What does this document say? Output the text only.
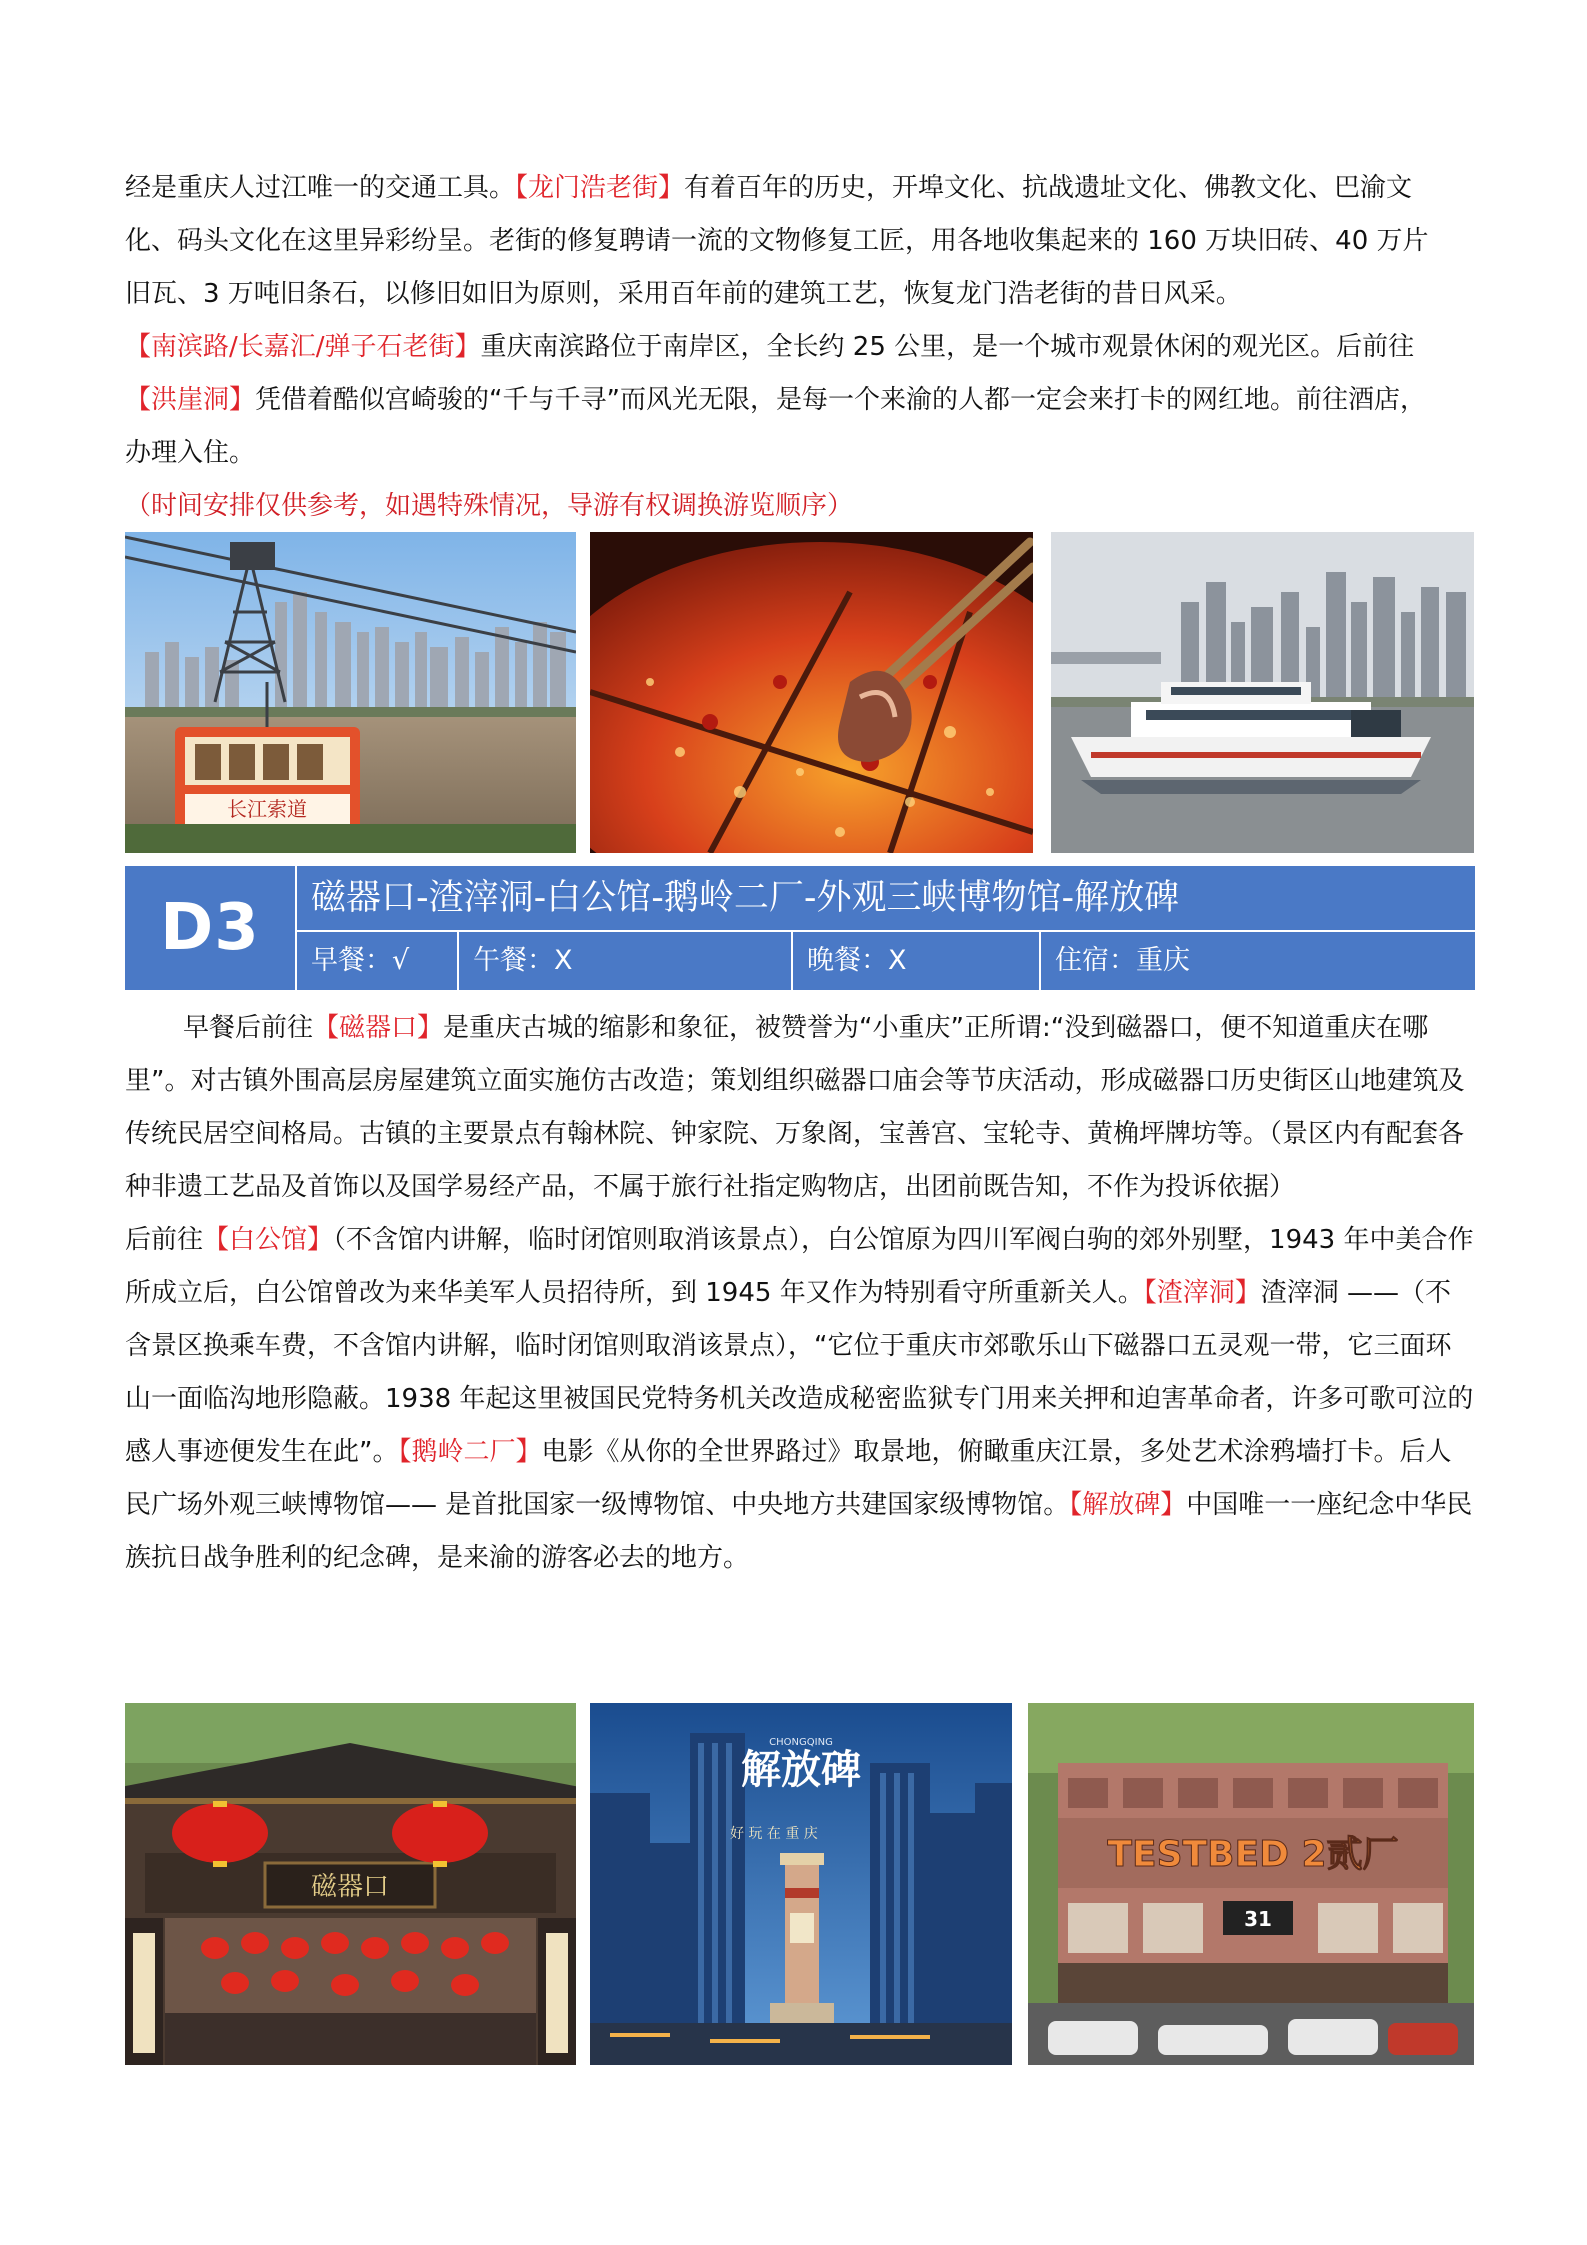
经是重庆人过江唯一的交通工具。【龙门浩老街】有着百年的历史，开埠文化、抗战遗址文化、佛教文化、巴渝文

化、码头文化在这里异彩纷呈。老街的修复聘请一流的文物修复工匠，用各地收集起来的 160 万块旧砖、40 万片

旧瓦、3 万吨旧条石，以修旧如旧为原则，采用百年前的建筑工艺，恢复龙门浩老街的昔日风采。

【南滨路/长嘉汇/弹子石老街】重庆南滨路位于南岸区，全长约 25 公里，是一个城市观景休闲的观光区。后前往

【洪崖洞】凭借着酷似宫崎骏的“千与千寻”而风光无限，是每一个来渝的人都一定会来打卡的网红地。前往酒店，

办理入住。

（时间安排仅供参考，如遇特殊情况，导游有权调换游览顺序）

长江索道
D3	磁器口-渣滓洞-白公馆-鹅岭二厂-外观三峡博物馆-解放碑
早餐：√	午餐：X	晚餐：X	住宿：重庆

早餐后前往【磁器口】是重庆古城的缩影和象征，被赞誉为“小重庆”正所谓:“没到磁器口，便不知道重庆在哪里”。对古镇外围高层房屋建筑立面实施仿古改造；策划组织磁器口庙会等节庆活动，形成磁器口历史街区山地建筑及传统民居空间格局。古镇的主要景点有翰林院、钟家院、万象阁，宝善宫、宝轮寺、黄桷坪牌坊等。（景区内有配套各种非遗工艺品及首饰以及国学易经产品，不属于旅行社指定购物店，出团前既告知，不作为投诉依据）

后前往【白公馆】（不含馆内讲解，临时闭馆则取消该景点），白公馆原为四川军阀白驹的郊外别墅，1943 年中美合作所成立后，白公馆曾改为来华美军人员招待所，到 1945 年又作为特别看守所重新关人。【渣滓洞】渣滓洞 ——（不含景区换乘车费，不含馆内讲解，临时闭馆则取消该景点），“它位于重庆市郊歌乐山下磁器口五灵观一带，它三面环山一面临沟地形隐蔽。1938 年起这里被国民党特务机关改造成秘密监狱专门用来关押和迫害革命者，许多可歌可泣的感人事迹便发生在此”。【鹅岭二厂】电影《从你的全世界路过》取景地，俯瞰重庆江景，多处艺术涂鸦墙打卡。后人民广场外观三峡博物馆—— 是首批国家一级博物馆、中央地方共建国家级博物馆。【解放碑】中国唯一一座纪念中华民族抗日战争胜利的纪念碑，是来渝的游客必去的地方。

磁器口
CHONGQING
解放碑
好 玩 在 重 庆	TESTBED 2贰厂
31
